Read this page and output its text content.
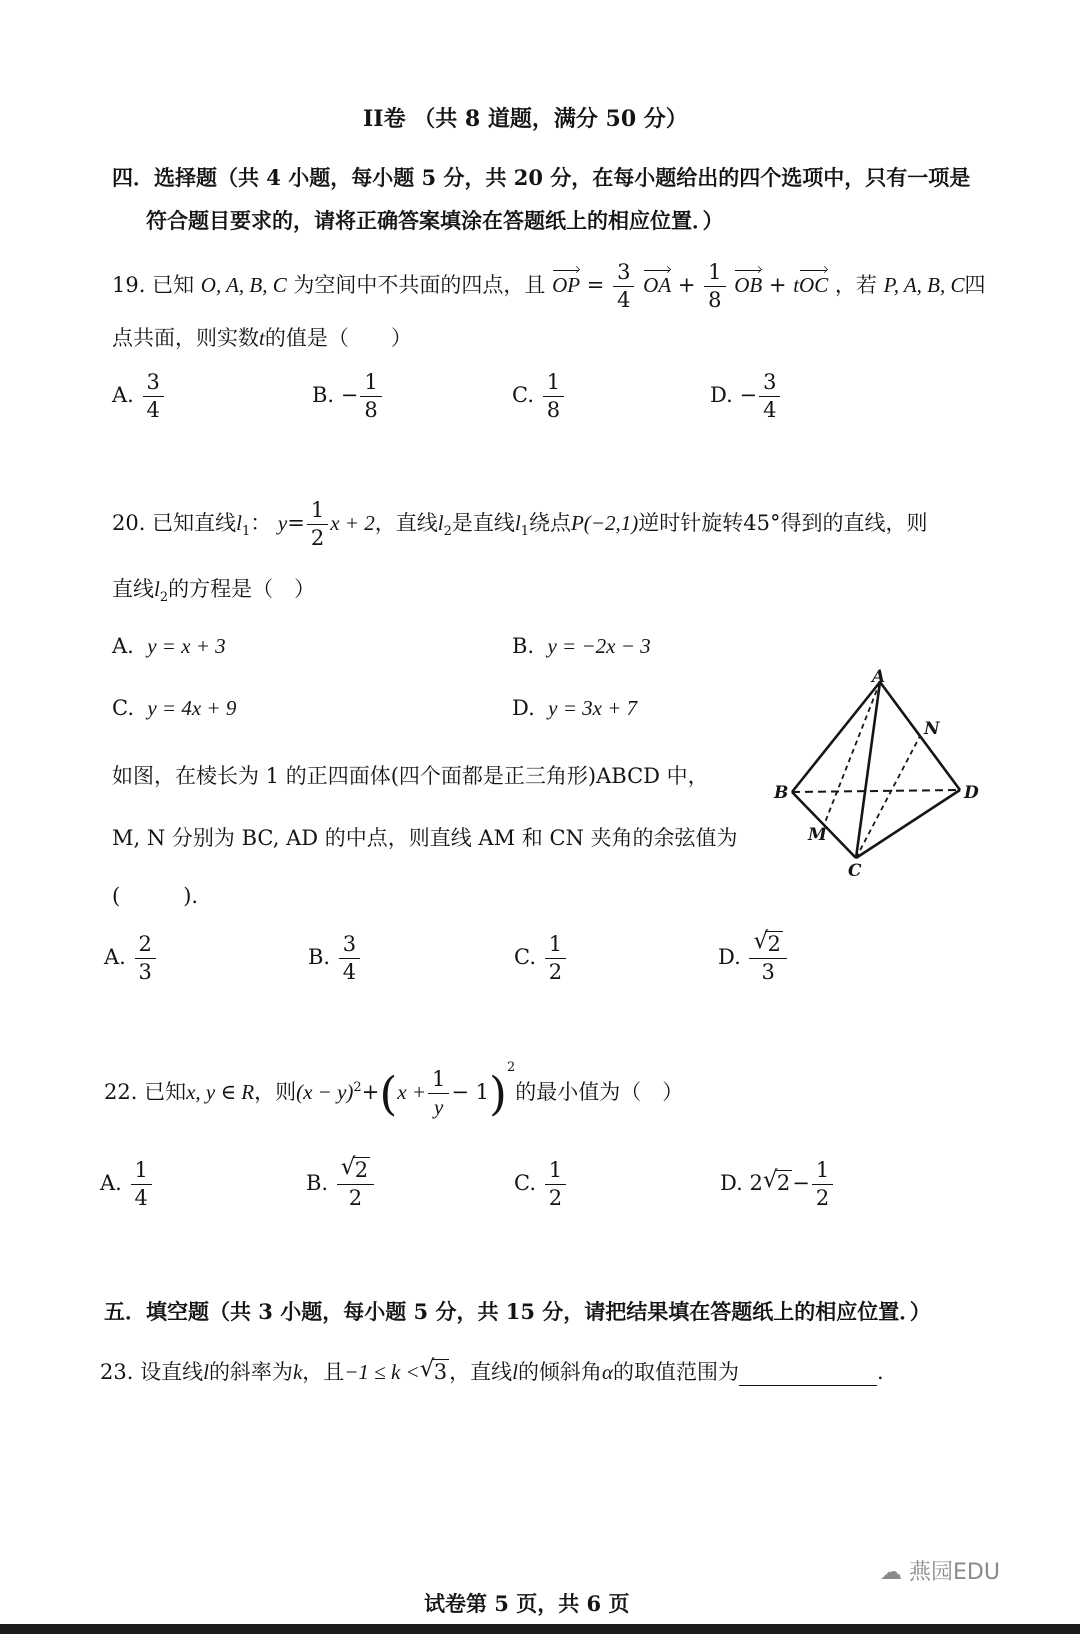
II卷 （共 8 道题，满分 50 分）
四．选择题（共 4 小题，每小题 5 分，共 20 分，在每小题给出的四个选项中，只有一项是
符合题目要求的，请将正确答案填涂在答题纸上的相应位置．）
19. 已知 O, A, B, C 为空间中不共面的四点，且 OP = $\frac{3}{4}$ OA + $\frac{1}{8}$ OB + tOC ，若 P, A, B, C四
点共面，则实数t的值是（　　）
A. $\frac{3}{4}$	B. − $\frac{1}{8}$	C. $\frac{1}{8}$	D. − $\frac{3}{4}$
20. 已知直线$l_1$： $y= \frac{1}{2}$ x + 2，直线$l_2$是直线$l_1$绕点P(−2,1)逆时针旋转45°得到的直线，则
直线$l_2$的方程是（　）
A. y = x + 3	B. y = −2x − 3
C. y = 4x + 9	D. y = 3x + 7
如图，在棱长为 1 的正四面体(四个面都是正三角形)ABCD 中，
M, N 分别为 BC, AD 的中点，则直线 AM 和 CN 夹角的余弦值为
(　　　).
A
B
C
D
M
N
A. $\frac{2}{3}$	B. $\frac{3}{4}$	C. $\frac{1}{2}$	D. $\frac{√ 2}{3}$
22. 已知x, y ∈ R，则$(x - y)^2+(x + \frac{1}{y} - 1)^2$的最小值为（　）
A. $\frac{1}{4}$	B. $\frac{√ 2}{2}$	C. $\frac{1}{2}$	D. 2 √ $2- \frac{1}{2}$
五．填空题（共 3 小题，每小题 5 分，共 15 分，请把结果填在答题纸上的相应位置．）
23. 设直线l的斜率为k，且−1 ≤ k < √ 3，直线l的倾斜角α的取值范围为	.
☁ 燕园EDU
试卷第 5 页，共 6 页
